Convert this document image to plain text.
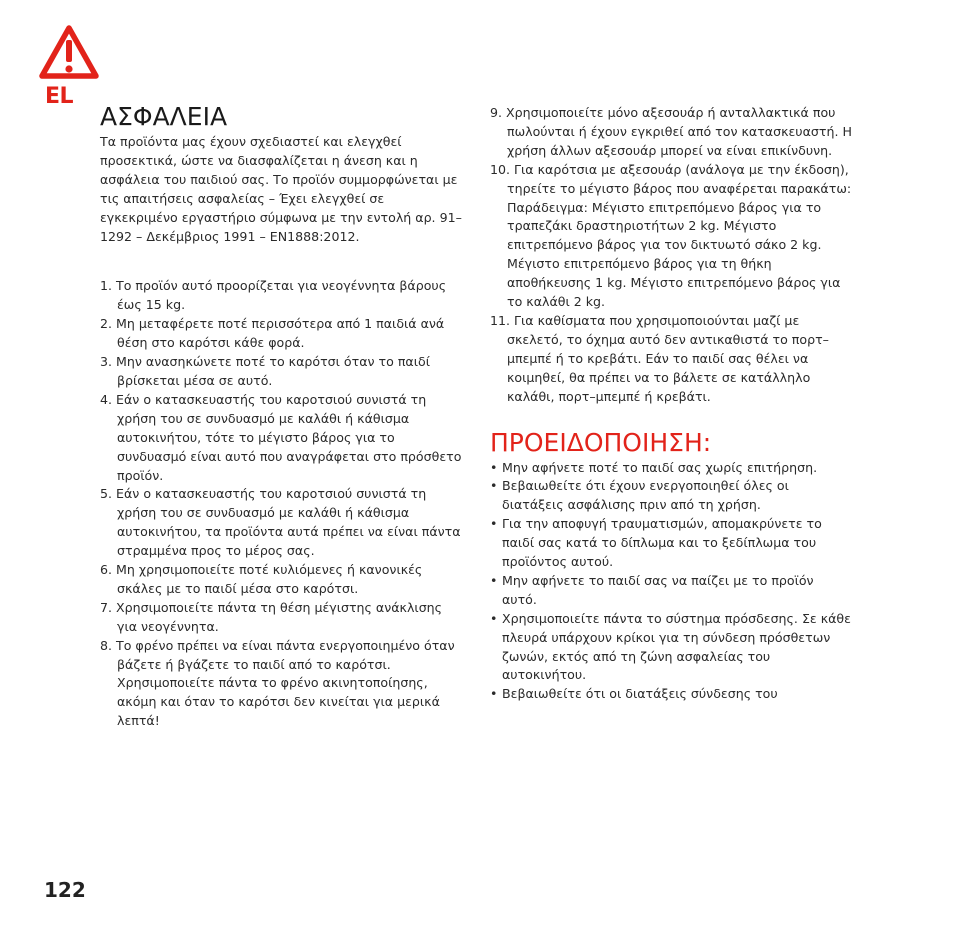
EL
ΑΣΦΑΛΕΙΑ

Τα προϊόντα μας έχουν σχεδιαστεί και ελεγχθεί προσεκτικά, ώστε να διασφαλίζεται η άνεση και η ασφάλεια του παιδιού σας. Το προϊόν συμμορφώνεται με τις απαιτήσεις ασφαλείας – Έχει ελεγχθεί σε εγκεκριμένο εργαστήριο σύμφωνα με την εντολή αρ. 91–1292 – Δεκέμβριος 1991 – EN1888:2012.

1. Το προϊόν αυτό προορίζεται για νεογέννητα βάρους έως 15 kg.
2. Μη μεταφέρετε ποτέ περισσότερα από 1 παιδιά ανά θέση στο καρότσι κάθε φορά.
3. Μην ανασηκώνετε ποτέ το καρότσι όταν το παιδί βρίσκεται μέσα σε αυτό.
4. Εάν ο κατασκευαστής του καροτσιού συνιστά τη χρήση του σε συνδυασμό με καλάθι ή κάθισμα αυτοκινήτου, τότε το μέγιστο βάρος για το συνδυασμό είναι αυτό που αναγράφεται στο πρόσθετο προϊόν.
5. Εάν ο κατασκευαστής του καροτσιού συνιστά τη χρήση του σε συνδυασμό με καλάθι ή κάθισμα αυτοκινήτου, τα προϊόντα αυτά πρέπει να είναι πάντα στραμμένα προς το μέρος σας.
6. Μη χρησιμοποιείτε ποτέ κυλιόμενες ή κανονικές σκάλες με το παιδί μέσα στο καρότσι.
7. Χρησιμοποιείτε πάντα τη θέση μέγιστης ανάκλισης για νεογέννητα.
8. Το φρένο πρέπει να είναι πάντα ενεργοποιημένο όταν βάζετε ή βγάζετε το παιδί από το καρότσι. Χρησιμοποιείτε πάντα το φρένο ακινητοποίησης, ακόμη και όταν το καρότσι δεν κινείται για μερικά λεπτά!
9. Χρησιμοποιείτε μόνο αξεσουάρ ή ανταλλακτικά που πωλούνται ή έχουν εγκριθεί από τον κατασκευαστή. Η χρήση άλλων αξεσουάρ μπορεί να είναι επικίνδυνη.
10. Για καρότσια με αξεσουάρ (ανάλογα με την έκδοση), τηρείτε το μέγιστο βάρος που αναφέρεται παρακάτω: Παράδειγμα: Μέγιστο επιτρεπόμενο βάρος για το τραπεζάκι δραστηριοτήτων 2 kg. Μέγιστο επιτρεπόμενο βάρος για τον δικτυωτό σάκο 2 kg. Μέγιστο επιτρεπόμενο βάρος για τη θήκη αποθήκευσης 1 kg. Μέγιστο επιτρεπόμενο βάρος για το καλάθι 2 kg.
11. Για καθίσματα που χρησιμοποιούνται μαζί με σκελετό, το όχημα αυτό δεν αντικαθιστά το πορτ–μπεμπέ ή το κρεβάτι. Εάν το παιδί σας θέλει να κοιμηθεί, θα πρέπει να το βάλετε σε κατάλληλο καλάθι, πορτ–μπεμπέ ή κρεβάτι.
ΠΡΟΕΙΔΟΠΟΙΗΣΗ:
• Μην αφήνετε ποτέ το παιδί σας χωρίς επιτήρηση.
• Βεβαιωθείτε ότι έχουν ενεργοποιηθεί όλες οι διατάξεις ασφάλισης πριν από τη χρήση.
• Για την αποφυγή τραυματισμών, απομακρύνετε το παιδί σας κατά το δίπλωμα και το ξεδίπλωμα του προϊόντος αυτού.
• Μην αφήνετε το παιδί σας να παίζει με το προϊόν αυτό.
• Χρησιμοποιείτε πάντα το σύστημα πρόσδεσης. Σε κάθε πλευρά υπάρχουν κρίκοι για τη σύνδεση πρόσθετων ζωνών, εκτός από τη ζώνη ασφαλείας του αυτοκινήτου.
• Βεβαιωθείτε ότι οι διατάξεις σύνδεσης του
122
